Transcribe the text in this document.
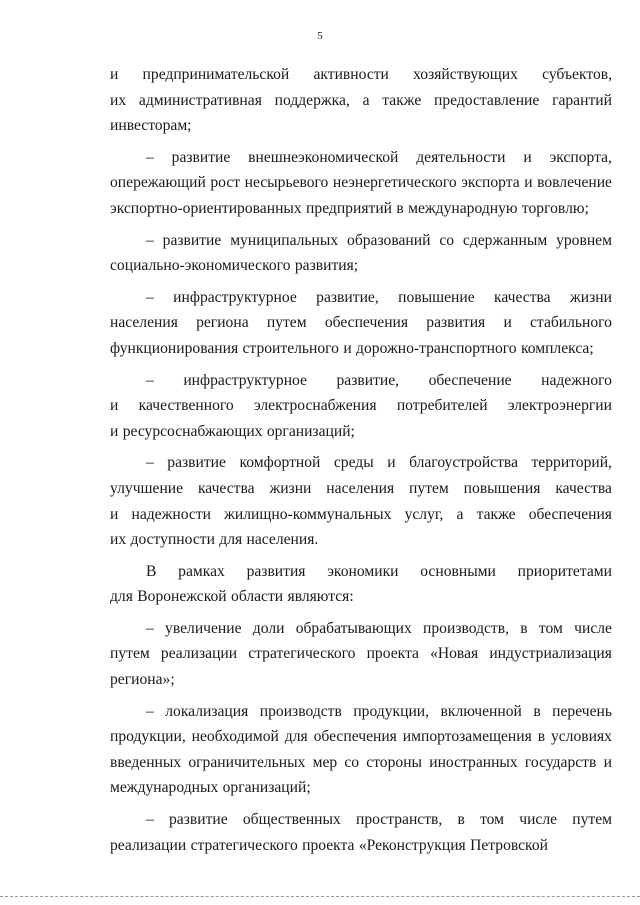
5
и предпринимательской активности хозяйствующих субъектов,
их административная поддержка, а также предоставление гарантий
инвесторам;
– развитие внешнеэкономической деятельности и экспорта,
опережающий рост несырьевого неэнергетического экспорта и вовлечение
экспортно-ориентированных предприятий в международную торговлю;
– развитие муниципальных образований со сдержанным уровнем
социально-экономического развития;
– инфраструктурное развитие, повышение качества жизни
населения региона путем обеспечения развития и стабильного
функционирования строительного и дорожно-транспортного комплекса;
– инфраструктурное развитие, обеспечение надежного
и качественного электроснабжения потребителей электроэнергии
и ресурсоснабжающих организаций;
– развитие комфортной среды и благоустройства территорий,
улучшение качества жизни населения путем повышения качества
и надежности жилищно-коммунальных услуг, а также обеспечения
их доступности для населения.
В рамках развития экономики основными приоритетами
для Воронежской области являются:
– увеличение доли обрабатывающих производств, в том числе
путем реализации стратегического проекта «Новая индустриализация
региона»;
– локализация производств продукции, включенной в перечень
продукции, необходимой для обеспечения импортозамещения в условиях
введенных ограничительных мер со стороны иностранных государств и
международных организаций;
– развитие общественных пространств, в том числе путем
реализации стратегического проекта «Реконструкция Петровской
